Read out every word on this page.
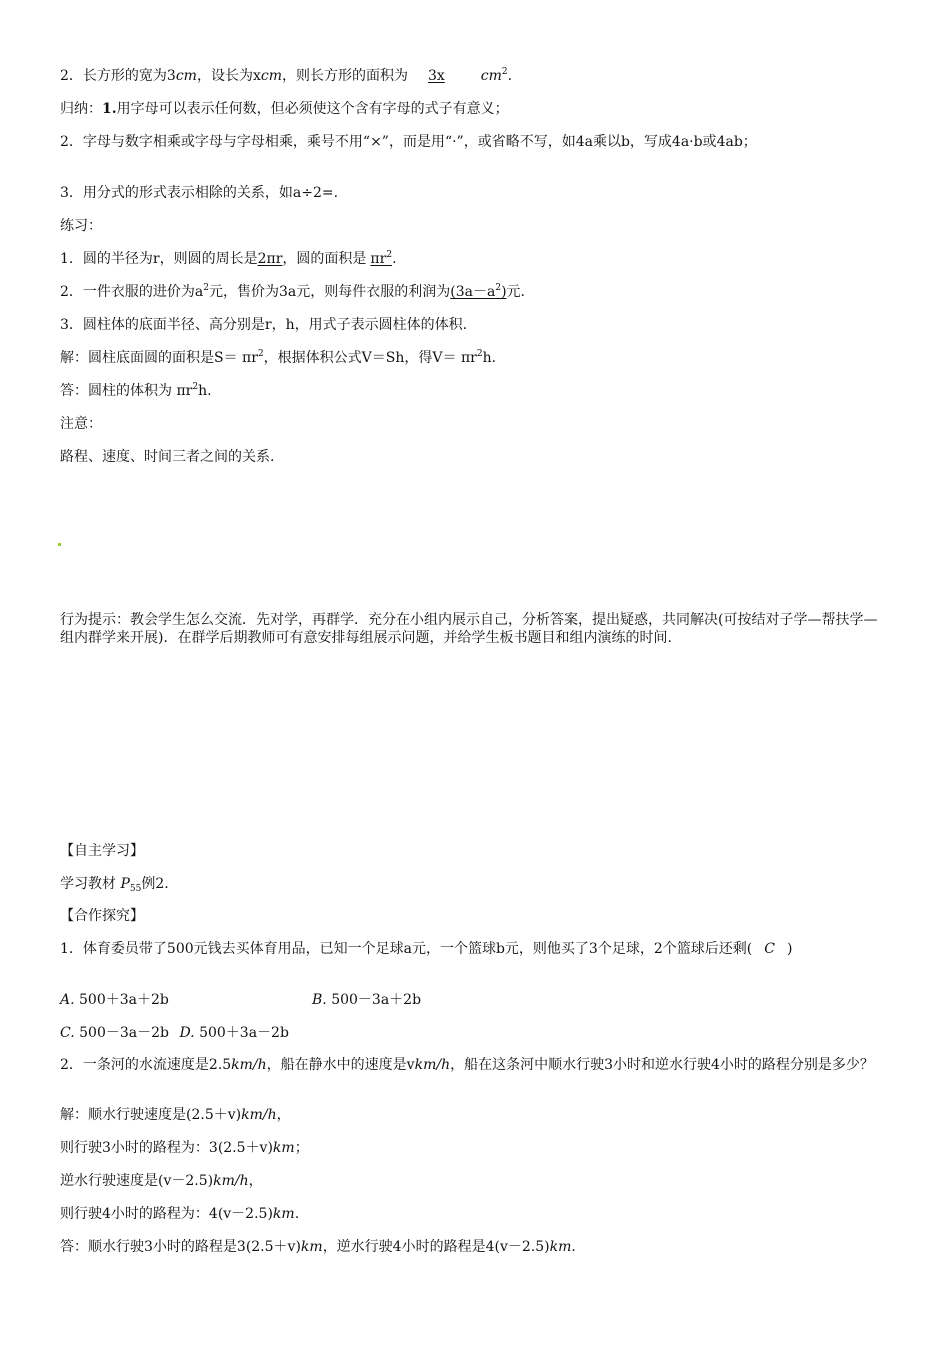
2．长方形的宽为3cm，设长为xcm，则长方形的面积为 3x	$cm^2$.
归纳：1.用字母可以表示任何数，但必须使这个含有字母的式子有意义；
2．字母与数字相乘或字母与字母相乘，乘号不用“×”，而是用“·”，或省略不写，如4a乘以b，写成4a·b或4ab；
3．用分式的形式表示相除的关系，如a÷2=.
练习：
1．圆的半径为r，则圆的周长是2πr，圆的面积是 $\pi r^2$.
2．一件衣服的进价为$a^2$元，售价为3a元，则每件衣服的利润为$(3a-a^2)$元.
3．圆柱体的底面半径、高分别是r，h，用式子表示圆柱体的体积.
解：圆柱底面圆的面积是$S= \pi r^2$，根据体积公式V＝Sh，得$V= \pi r^2h$.
答：圆柱的体积为 $\pi r^2h$.
注意：
路程、速度、时间三者之间的关系.
行为提示：教会学生怎么交流．先对学，再群学．充分在小组内展示自己，分析答案，提出疑惑，共同解决(可按结对子学—帮扶学—组内群学来开展)．在群学后期教师可有意安排每组展示问题，并给学生板书题目和组内演练的时间.
【自主学习】
学习教材 $P_{55}$例2.
【合作探究】
1．体育委员带了500元钱去买体育用品，已知一个足球a元，一个篮球b元，则他买了3个足球，2个篮球后还剩( C )
A. 500＋3a＋2b	B. 500－3a＋2b
C. 500－3a－2b D. 500＋3a－2b
2．一条河的水流速度是2.5km/h，船在静水中的速度是vkm/h，船在这条河中顺水行驶3小时和逆水行驶4小时的路程分别是多少？
解：顺水行驶速度是(2.5＋v)km/h，
则行驶3小时的路程为：3(2.5＋v)km；
逆水行驶速度是(v－2.5)km/h，
则行驶4小时的路程为：4(v－2.5)km.
答：顺水行驶3小时的路程是3(2.5＋v)km，逆水行驶4小时的路程是4(v－2.5)km.
